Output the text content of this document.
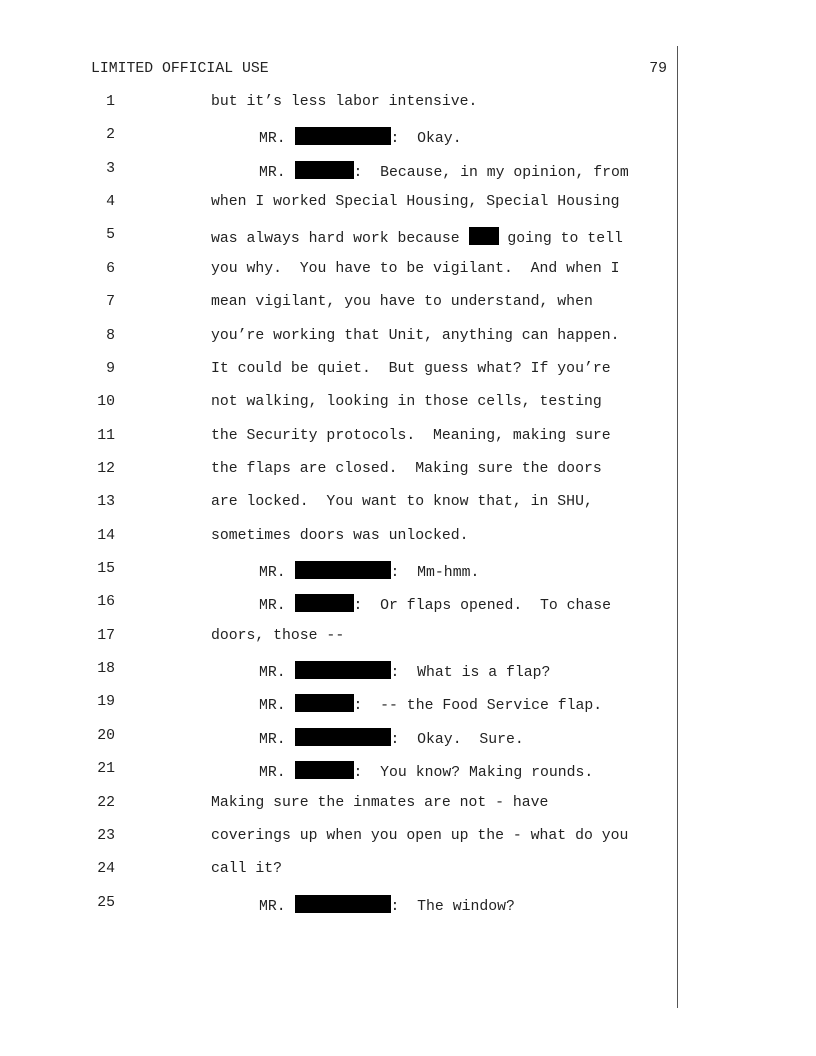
LIMITED OFFICIAL USE	79
1	but it’s less labor intensive.
2	MR.	:  Okay.
3	MR.	:  Because, in my opinion, from
4	when I worked Special Housing, Special Housing
5	was always hard work because  going to tell
6	you why.  You have to be vigilant.  And when I
7	mean vigilant, you have to understand, when
8	you’re working that Unit, anything can happen.
9	It could be quiet.  But guess what? If you’re
10	not walking, looking in those cells, testing
11	the Security protocols.  Meaning, making sure
12	the flaps are closed.  Making sure the doors
13	are locked.  You want to know that, in SHU,
14	sometimes doors was unlocked.
15	MR.	:  Mm-hmm.
16	MR.	:  Or flaps opened.  To chase
17	doors, those --
18	MR.	:  What is a flap?
19	MR.	:  -- the Food Service flap.
20	MR.	:  Okay.  Sure.
21	MR.	:  You know? Making rounds.
22	Making sure the inmates are not - have
23	coverings up when you open up the - what do you
24	call it?
25	MR.	:  The window?
